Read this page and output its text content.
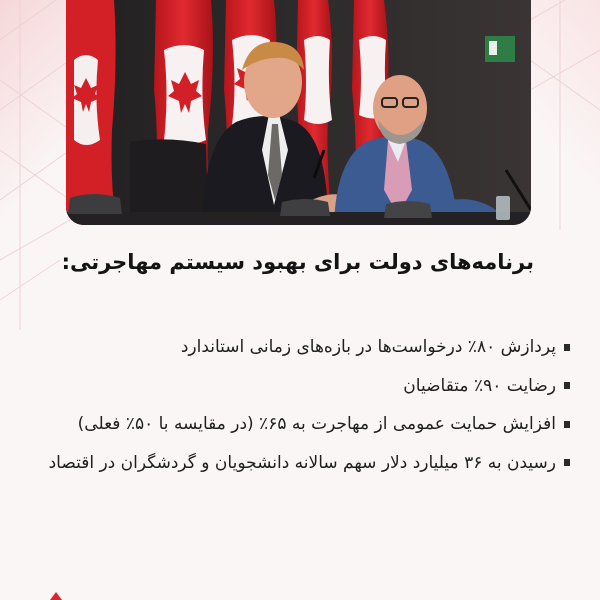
برنامه‌های دولت برای بهبود سیستم مهاجرتی:
پردازش ۸۰٪ درخواست‌ها در بازه‌های زمانی استاندارد
رضایت ۹۰٪ متقاضیان
افزایش حمایت عمومی از مهاجرت به ۶۵٪ (در مقایسه با ۵۰٪ فعلی)
رسیدن به ۳۶ میلیارد دلار سهم سالانه دانشجویان و گردشگران در اقتصاد
